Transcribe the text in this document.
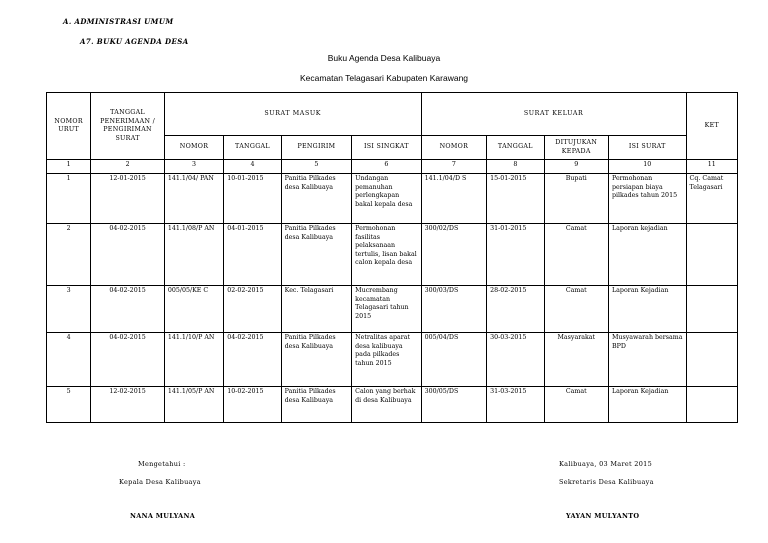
A. ADMINISTRASI UMUM
A7. BUKU AGENDA DESA
Buku Agenda Desa Kalibuaya
Kecamatan Telagasari Kabupaten Karawang
NOMOR URUT	TANGGAL PENERIMAAN / PENGIRIMAN SURAT	SURAT MASUK				SURAT KELUAR				KET
		NOMOR	TANGGAL	PENGIRIM	ISI SINGKAT	NOMOR	TANGGAL	DITUJUKAN KEPADA	ISI SURAT	
1	2	3	4	5	6	7	8	9	10	11
1	12-01-2015	141.1/04/ PAN	10-01-2015	Panitia Pilkades desa Kalibuaya	Undangan pemanuhan perlengkapan bakal kepala desa	141.1/04/D S	15-01-2015	Bupati	Permohonan persiapan biaya pilkades tahun 2015	Cq. Camat Telagasari
2	04-02-2015	141.1/08/P AN	04-01-2015	Panitia Pilkades desa Kalibuaya	Permohonan fasilitas pelaksanaan tertulis, lisan bakal calon kepala desa	300/02/DS	31-01-2015	Camat	Laporan kejadian	
3	04-02-2015	005/05/KE C	02-02-2015	Kec. Telagasari	Mucrembang kecamatan Telagasari tahun 2015	300/03/DS	28-02-2015	Camat	Laporan Kejadian	
4	04-02-2015	141.1/10/P AN	04-02-2015	Panitia Pilkades desa Kalibuaya	Netralitas aparat desa kalibuaya pada pilkades tahun 2015	005/04/DS	30-03-2015	Masyarakat	Musyawarah bersama BPD	
5	12-02-2015	141.1/05/P AN	10-02-2015	Panitia Pilkades desa Kalibuaya	Calon yang berhak di desa Kalibuaya	300/05/DS	31-03-2015	Camat	Laporan Kejadian	
Mengetahui :
Kepala Desa Kalibuaya
NANA MULYANA
Kalibuaya, 03 Maret 2015
Sekretaris Desa Kalibuaya
YAYAN MULYANTO
